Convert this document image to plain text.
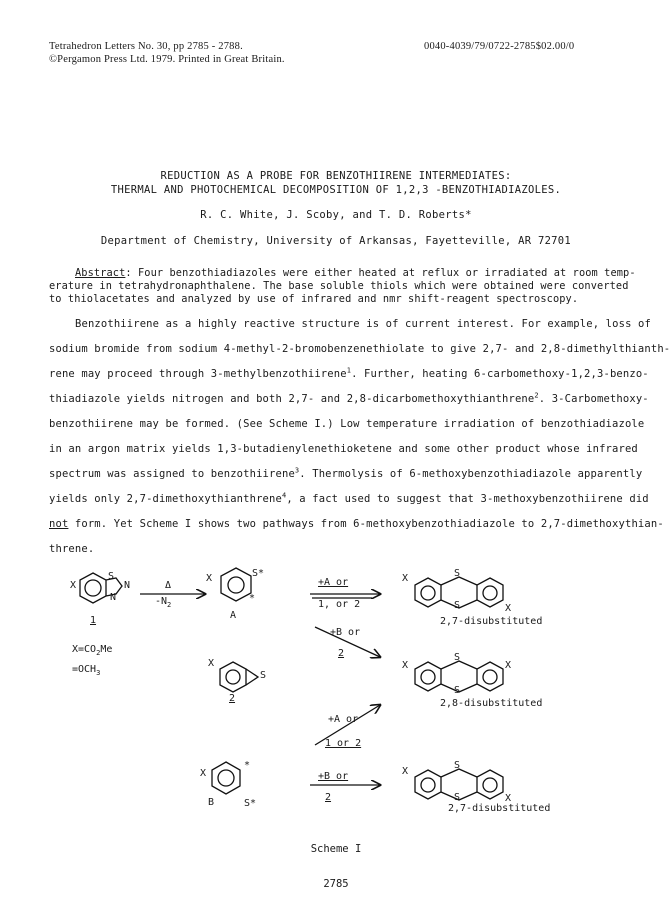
Tetrahedron Letters No. 30, pp 2785 - 2788.
©Pergamon Press Ltd. 1979. Printed in Great Britain.
0040-4039/79/0722-2785$02.00/0
REDUCTION AS A PROBE FOR BENZOTHIIRENE INTERMEDIATES:
THERMAL AND PHOTOCHEMICAL DECOMPOSITION OF 1,2,3 -BENZOTHIADIAZOLES.
R. C. White, J. Scoby, and T. D. Roberts*
Department of Chemistry, University of Arkansas, Fayetteville, AR 72701
Abstract: Four benzothiadiazoles were either heated at reflux or irradiated at room temp-
erature in tetrahydronaphthalene. The base soluble thiols which were obtained were converted
to thiolacetates and analyzed by use of infrared and nmr shift-reagent spectroscopy.
Benzothiirene as a highly reactive structure is of current interest. For example, loss of
sodium bromide from sodium 4-methyl-2-bromobenzenethiolate to give 2,7- and 2,8-dimethylthianth-
rene may proceed through 3-methylbenzothiirene$^1$. Further, heating 6-carbomethoxy-1,2,3-benzo-
thiadiazole yields nitrogen and both 2,7- and 2,8-dicarbomethoxythianthrene$^2$. 3-Carbomethoxy-
benzothiirene may be formed. (See Scheme I.) Low temperature irradiation of benzothiadiazole
in an argon matrix yields 1,3-butadienylenethioketene and some other product whose infrared
spectrum was assigned to benzothiirene$^3$. Thermolysis of 6-methoxybenzothiadiazole apparently
yields only 2,7-dimethoxythianthrene$^4$, a fact used to suggest that 3-methoxybenzothiirene did
not form. Yet Scheme I shows two pathways from 6-methoxybenzothiadiazole to 2,7-dimethoxythian-
threne.
X
S
N
N
1
$X=CO_2Me$
$=OCH_3$
Δ
$-N_2$
X	S*
*
A
+A or
1, or 2
X	S
S	X
2,7-disubstituted
+B or
2
X
S
2
X
S
S
X
2,8-disubstituted
+A or
1 or 2
X
*
B	S*
+B or
2
X
S
S	X
2,7-disubstituted
Scheme I
2785
